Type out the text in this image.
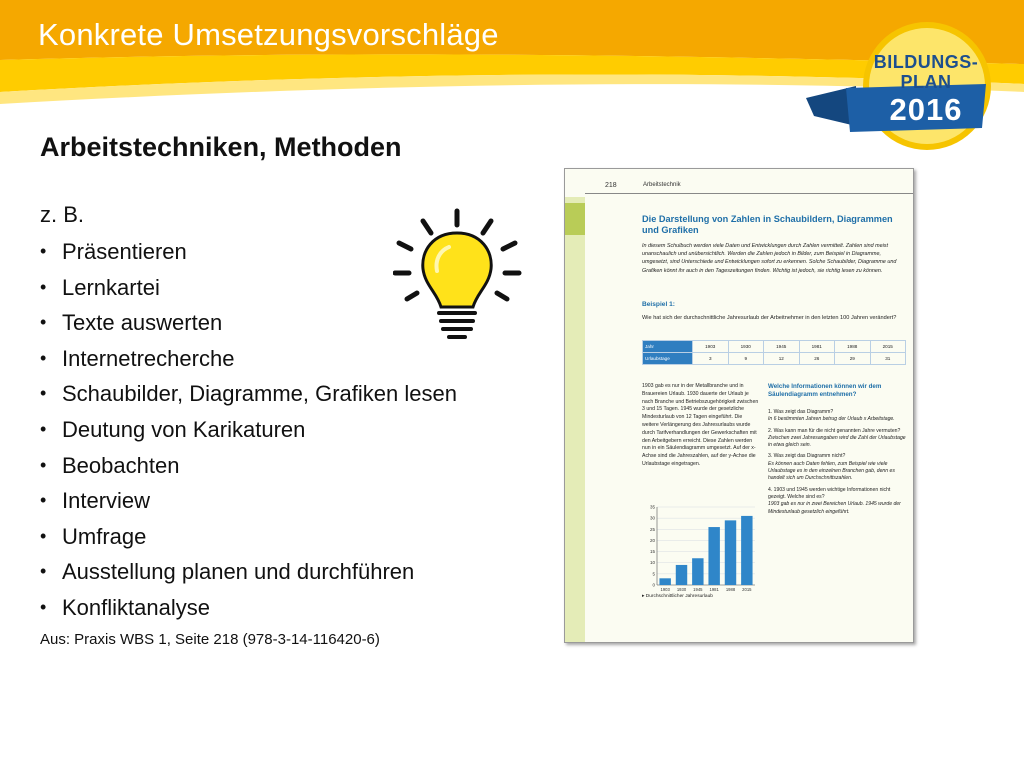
Konkrete Umsetzungsvorschläge
BILDUNGS-
PLAN
2016
Arbeitstechniken, Methoden
z. B.
• Präsentieren
• Lernkartei
• Texte auswerten
• Internetrecherche
• Schaubilder, Diagramme, Grafiken lesen
• Deutung von Karikaturen
• Beobachten
• Interview
• Umfrage
• Ausstellung planen und durchführen
• Konfliktanalyse
Aus: Praxis WBS 1, Seite 218 (978-3-14-116420-6)
218	Arbeitstechnik
Die Darstellung von Zahlen in Schaubildern, Diagrammen und Grafiken
In diesem Schulbuch werden viele Daten und Entwicklungen durch Zahlen vermittelt. Zahlen sind meist unanschaulich und unübersichtlich. Werden die Zahlen jedoch in Bilder, zum Beispiel in Diagramme, umgesetzt, sind Unterschiede und Entwicklungen sofort zu erkennen. Solche Schaubilder, Diagramme und Grafiken könnt ihr auch in den Tageszeitungen finden. Wichtig ist jedoch, sie richtig lesen zu können.
Beispiel 1:
Wie hat sich der durchschnittliche Jahresurlaub der Arbeitnehmer in den letzten 100 Jahren verändert?
Jahr	1903	1930	1945	1981	1988	2015
Urlaubstage	3	9	12	26	29	31
1903 gab es nur in der Metallbranche und in Brauereien Urlaub. 1930 dauerte der Urlaub je nach Branche und Betriebszugehörigkeit zwischen 3 und 15 Tagen. 1945 wurde der gesetzliche Mindesturlaub von 12 Tagen eingeführt. Die weitere Verlängerung des Jahresurlaubs wurde durch Tarifverhandlungen der Gewerkschaften mit den Arbeitgebern erreicht. Diese Zahlen werden nun in ein Säulendiagramm umgesetzt. Auf der x-Achse sind die Jahreszahlen, auf der y-Achse die Urlaubstage eingetragen.
Welche Informationen können wir dem Säulendiagramm entnehmen?

1. Was zeigt das Diagramm?
In 6 bestimmten Jahren betrug der Urlaub x Arbeitstage.

2. Was kann man für die nicht genannten Jahre vermuten?
Zwischen zwei Jahresangaben wird die Zahl der Urlaubstage in etwa gleich sein.

3. Was zeigt das Diagramm nicht?
Es können auch Daten fehlen, zum Beispiel wie viele Urlaubstage es in den einzelnen Branchen gab, denn es handelt sich um Durchschnittszahlen.

4. 1903 und 1945 werden wichtige Informationen nicht gezeigt. Welche sind es?
1903 gab es nur in zwei Bereichen Urlaub. 1945 wurde der Mindesturlaub gesetzlich eingeführt.

0
5
10
15
20
25
30
35
1903 1930 1945 1981 1988 2015
▸ Durchschnittlicher Jahresurlaub
